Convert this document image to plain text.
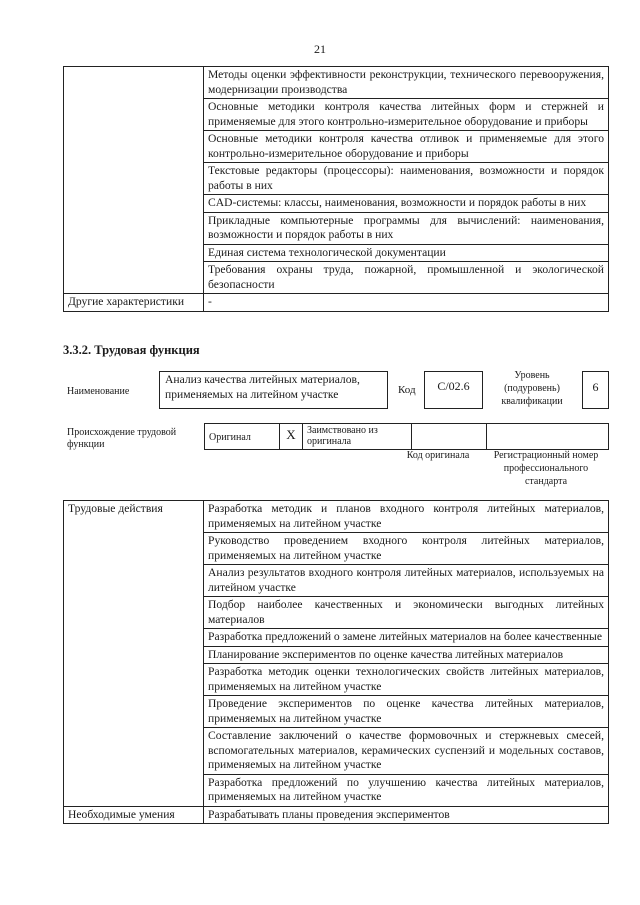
21
	Методы оценки эффективности реконструкции, технического перевооружения, модернизации производства
	Основные методики контроля качества литейных форм и стержней и применяемые для этого контрольно-измерительное оборудование и приборы
	Основные методики контроля качества отливок и применяемые для этого контрольно-измерительное оборудование и приборы
	Текстовые редакторы (процессоры): наименования, возможности и порядок работы в них
	CAD-системы: классы, наименования, возможности и порядок работы в них
	Прикладные компьютерные программы для вычислений: наименования, возможности и порядок работы в них
	Единая система технологической документации
	Требования охраны труда, пожарной, промышленной и экологической безопасности
Другие характеристики	-
3.3.2. Трудовая функция
Наименование
Анализ качества литейных материалов, применяемых на литейном участке	Код	C/02.6
Уровень (подуровень) квалификации
6
Происхождение трудовой функции
Оригинал	X	Заимствовано из оригинала		
Код оригинала	Регистрационный номер профессионального стандарта
Трудовые действия	Разработка методик и планов входного контроля литейных материалов, применяемых на литейном участке
	Руководство проведением входного контроля литейных материалов, применяемых на литейном участке
	Анализ результатов входного контроля литейных материалов, используемых на литейном участке
	Подбор наиболее качественных и экономически выгодных литейных материалов
	Разработка предложений о замене литейных материалов на более качественные
	Планирование экспериментов по оценке качества литейных материалов
	Разработка методик оценки технологических свойств литейных материалов, применяемых на литейном участке
	Проведение экспериментов по оценке качества литейных материалов, применяемых на литейном участке
	Составление заключений о качестве формовочных и стержневых смесей, вспомогательных материалов, керамических суспензий и модельных составов, применяемых на литейном участке
	Разработка предложений по улучшению качества литейных материалов, применяемых на литейном участке
Необходимые умения	Разрабатывать планы проведения экспериментов
